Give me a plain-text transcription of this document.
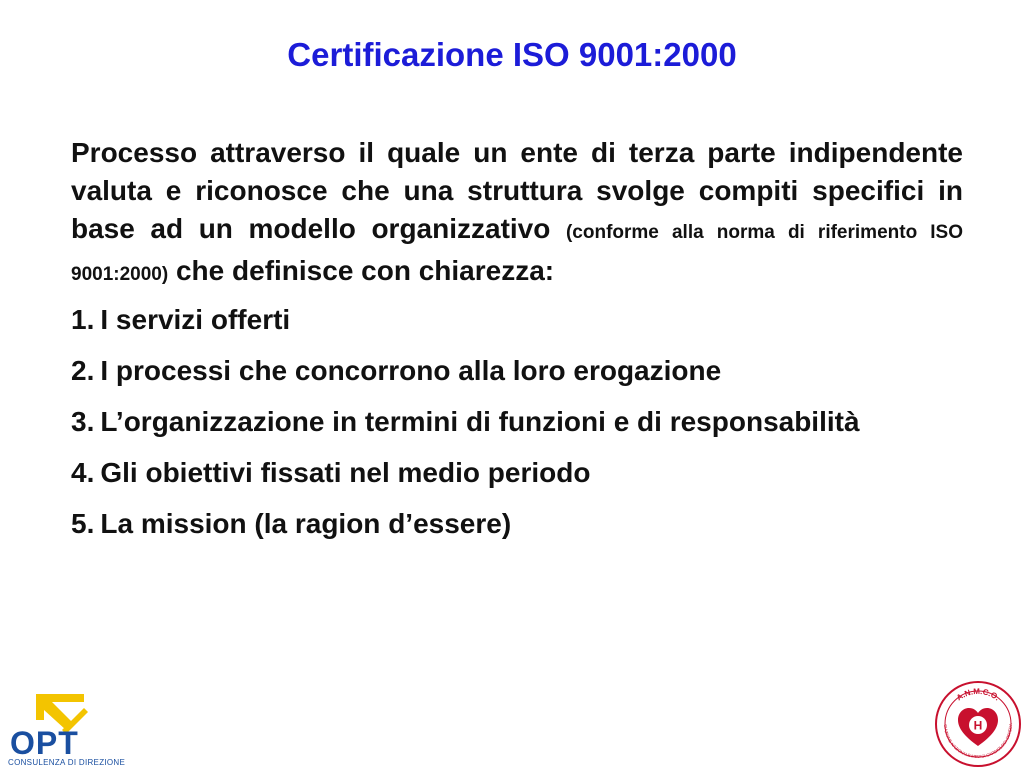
Certificazione ISO 9001:2000

Processo attraverso il quale un ente di terza parte indipendente valuta e riconosce che una struttura svolge compiti specifici in base ad un modello organizzativo (conforme alla norma di riferimento ISO 9001:2000) che definisce con chiarezza:

1. I servizi offerti
2. I processi che concorrono alla loro erogazione
3. L’organizzazione in termini di funzioni e di responsabilità
4. Gli obiettivi fissati nel medio periodo
5. La mission (la ragion d’essere)
OPT
CONSULENZA DI DIREZIONE
A.N.M.C.O.
CIAZIONE NAZIONALE MEDICI CARDIOLOGI OSPEDA
H
